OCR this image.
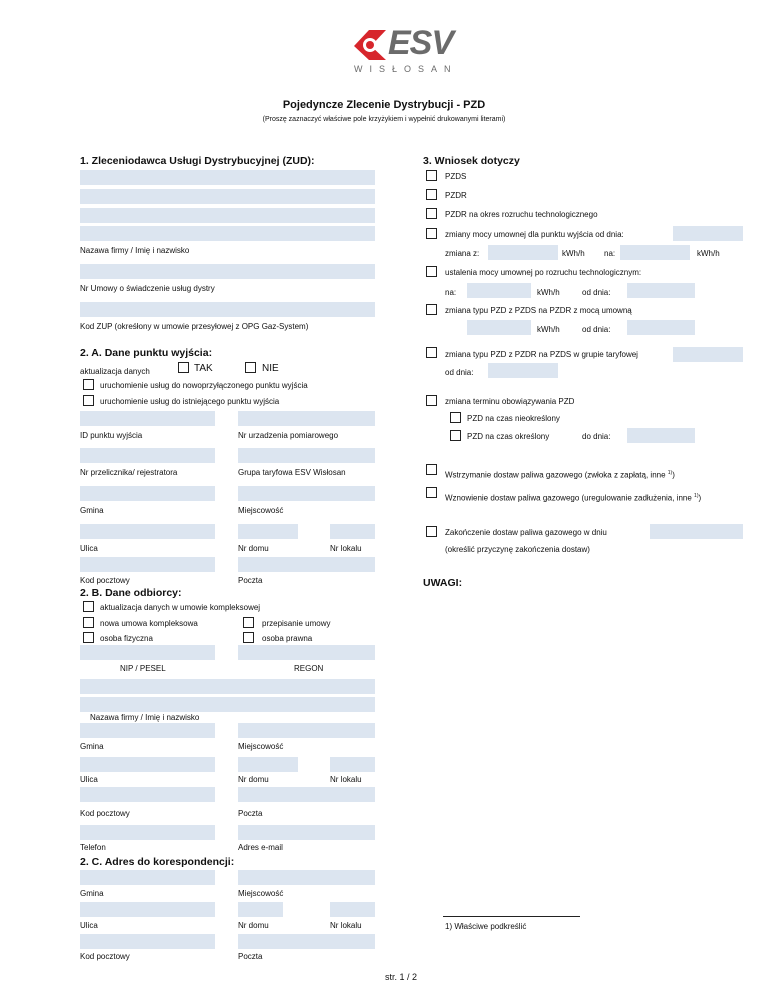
ESV
WISŁOSAN
Pojedyncze Zlecenie Dystrybucji - PZD
(Proszę zaznaczyć właściwe pole krzyżykiem i wypełnić drukowanymi literami)
1. Zleceniodawca Usługi Dystrybucyjnej (ZUD):
Nazawa firmy / Imię i nazwisko
Nr Umowy o świadczenie usług dystry
Kod ZUP (okreśłony w umowie przesyłowej z OPG Gaz-System)
2. A. Dane punktu wyjścia:
aktualizacja danych	TAK	NIE
uruchomienie usług do nowoprzyłączonego punktu wyjścia
uruchomienie usług do istniejącego punktu wyjścia
ID punktu wyjścia	Nr urzadzenia pomiarowego
Nr przelicznika/ rejestratora	Grupa taryfowa ESV Wisłosan
Gmina	Miejscowość
Ulica	Nr domu	Nr lokalu
Kod pocztowy	Poczta
2. B. Dane odbiorcy:
aktualizacja danych w umowie kompleksowej
nowa umowa kompleksowa	przepisanie umowy
osoba fizyczna	osoba prawna
NIP / PESEL	REGON
Nazawa firmy / Imię i nazwisko
Gmina	Miejscowość
Ulica	Nr domu	Nr lokalu
Kod pocztowy	Poczta
Telefon	Adres e-mail
2. C. Adres do korespondencji:
Gmina	Miejscowość
Ulica	Nr domu	Nr lokalu
Kod pocztowy	Poczta
3. Wniosek dotyczy
PZDS
PZDR
PZDR na okres rozruchu technologicznego
zmiany mocy umownej dla punktu wyjścia od dnia:
zmiana z:	kWh/h na:	kWh/h
ustalenia mocy umownej po rozruchu technologicznym:
na:	kWh/h	od dnia:
zmiana typu PZD z PZDS na PZDR z mocą umowną
kWh/h	od dnia:
zmiana typu PZD z PZDR na PZDS w grupie taryfowej
od dnia:
zmiana terminu obowiązywania PZD
PZD na czas nieokreślony
PZD na czas określony	do dnia:
Wstrzymanie dostaw paliwa gazowego (zwłoka z zapłatą, inne $^{1)}$)
Wznowienie dostaw paliwa gazowego (uregulowanie zadłużenia, inne $^{1)}$)
Zakończenie dostaw paliwa gazowego w dniu
(określić przyczynę zakończenia dostaw)
UWAGI:
1) Właściwe podkreślić
str. 1 / 2
